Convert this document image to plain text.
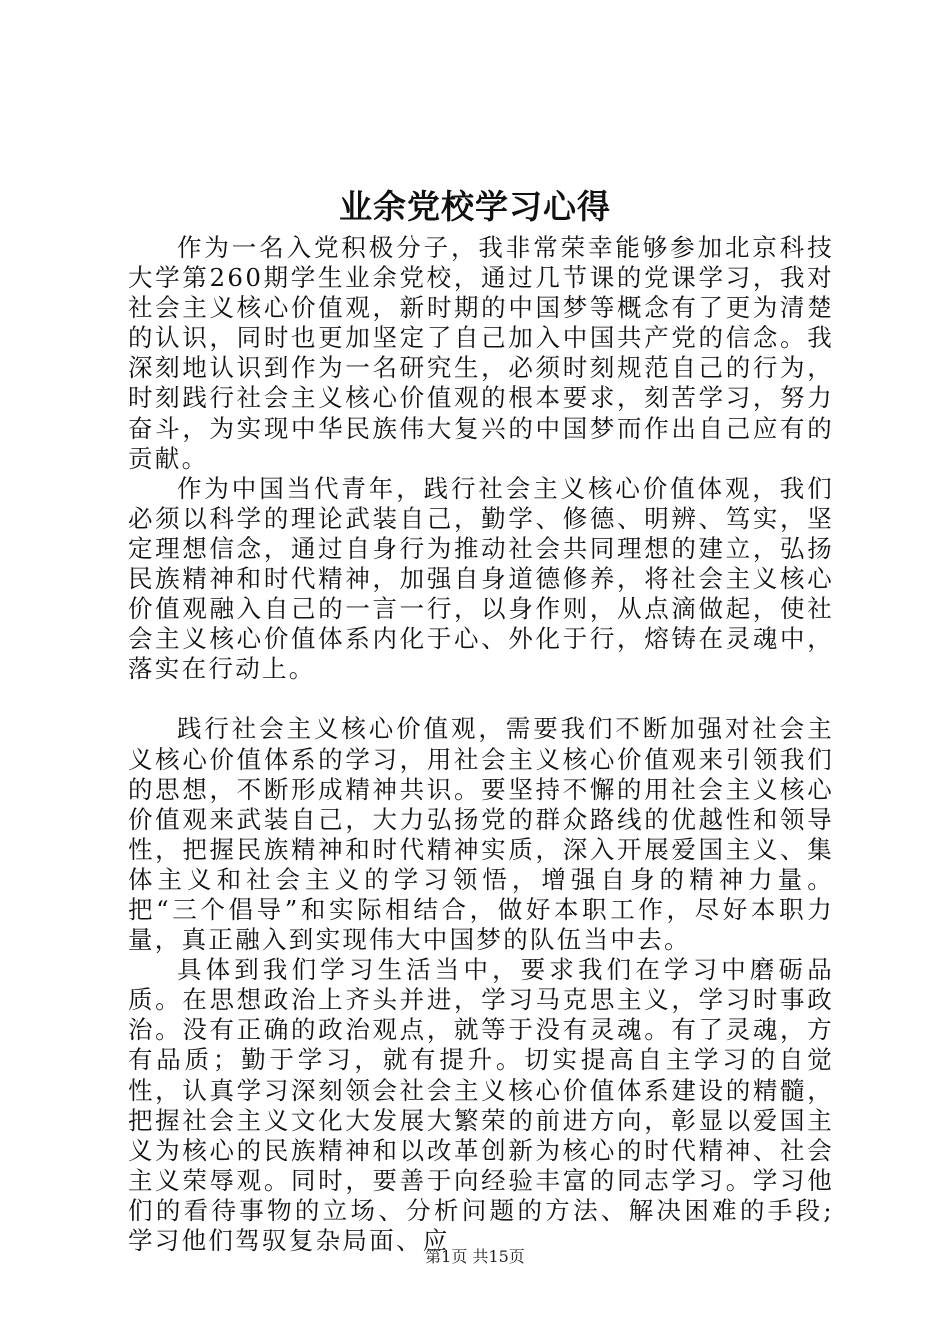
业余党校学习心得

作为一名入党积极分子，我非常荣幸能够参加北京科技大学第260期学生业余党校，通过几节课的党课学习，我对社会主义核心价值观，新时期的中国梦等概念有了更为清楚的认识，同时也更加坚定了自己加入中国共产党的信念。我深刻地认识到作为一名研究生，必须时刻规范自己的行为，时刻践行社会主义核心价值观的根本要求，刻苦学习，努力奋斗，为实现中华民族伟大复兴的中国梦而作出自己应有的贡献。

作为中国当代青年，践行社会主义核心价值体观，我们必须以科学的理论武装自己，勤学、修德、明辨、笃实，坚定理想信念，通过自身行为推动社会共同理想的建立，弘扬民族精神和时代精神，加强自身道德修养，将社会主义核心价值观融入自己的一言一行，以身作则，从点滴做起，使社会主义核心价值体系内化于心、外化于行，熔铸在灵魂中，落实在行动上。

践行社会主义核心价值观，需要我们不断加强对社会主义核心价值体系的学习，用社会主义核心价值观来引领我们的思想，不断形成精神共识。要坚持不懈的用社会主义核心价值观来武装自己，大力弘扬党的群众路线的优越性和领导性，把握民族精神和时代精神实质，深入开展爱国主义、集体主义和社会主义的学习领悟，增强自身的精神力量。把“三个倡导”和实际相结合，做好本职工作，尽好本职力量，真正融入到实现伟大中国梦的队伍当中去。

具体到我们学习生活当中，要求我们在学习中磨砺品质。在思想政治上齐头并进，学习马克思主义，学习时事政治。没有正确的政治观点，就等于没有灵魂。有了灵魂，方有品质；勤于学习，就有提升。切实提高自主学习的自觉性，认真学习深刻领会社会主义核心价值体系建设的精髓，把握社会主义文化大发展大繁荣的前进方向，彰显以爱国主义为核心的民族精神和以改革创新为核心的时代精神、社会主义荣辱观。同时，要善于向经验丰富的同志学习。学习他们的看待事物的立场、分析问题的方法、解决困难的手段;学习他们驾驭复杂局面、应

第1页 共15页
